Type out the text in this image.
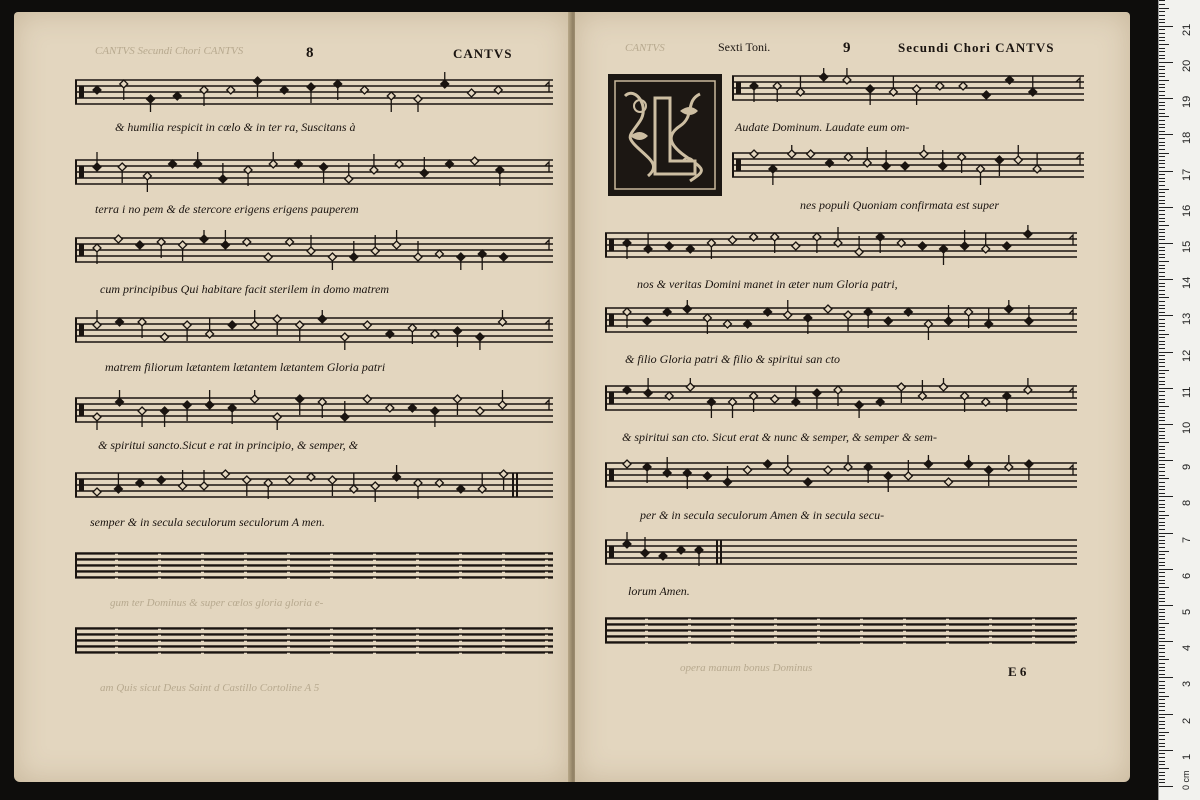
CANTVS Secundi Chori CANTVS	8	CANTVS
& humilia respicit in cœlo & in ter ra, Suscitans à
terra i no pem & de stercore erigens erigens pauperem
cum principibus Qui habitare facit sterilem in domo matrem
matrem filiorum lætantem lætantem lætantem Gloria patri
& spiritui sancto.Sicut e rat in principio, & semper, &
semper & in secula seculorum seculorum A men.
gum ter Dominus & super cœlos gloria gloria e-
am Quis sicut Deus Saint d Castillo Cortoline A 5
CANTVS	Sexti Toni.	9	Secundi Chori CANTVS
Audate Dominum. Laudate eum om-
nes populi Quoniam confirmata est super
nos & veritas Domini manet in æter num Gloria patri,
& filio Gloria patri & filio & spiritui san cto
& spiritui san cto. Sicut erat & nunc & semper, & semper & sem-
per & in secula seculorum Amen & in secula secu-
lorum Amen.
opera manum bonus Dominus	E 6
0 cm
21
20
19
18
17
16
15
14
13
12
11
10
9
8
7
6
5
4
3
2
1
